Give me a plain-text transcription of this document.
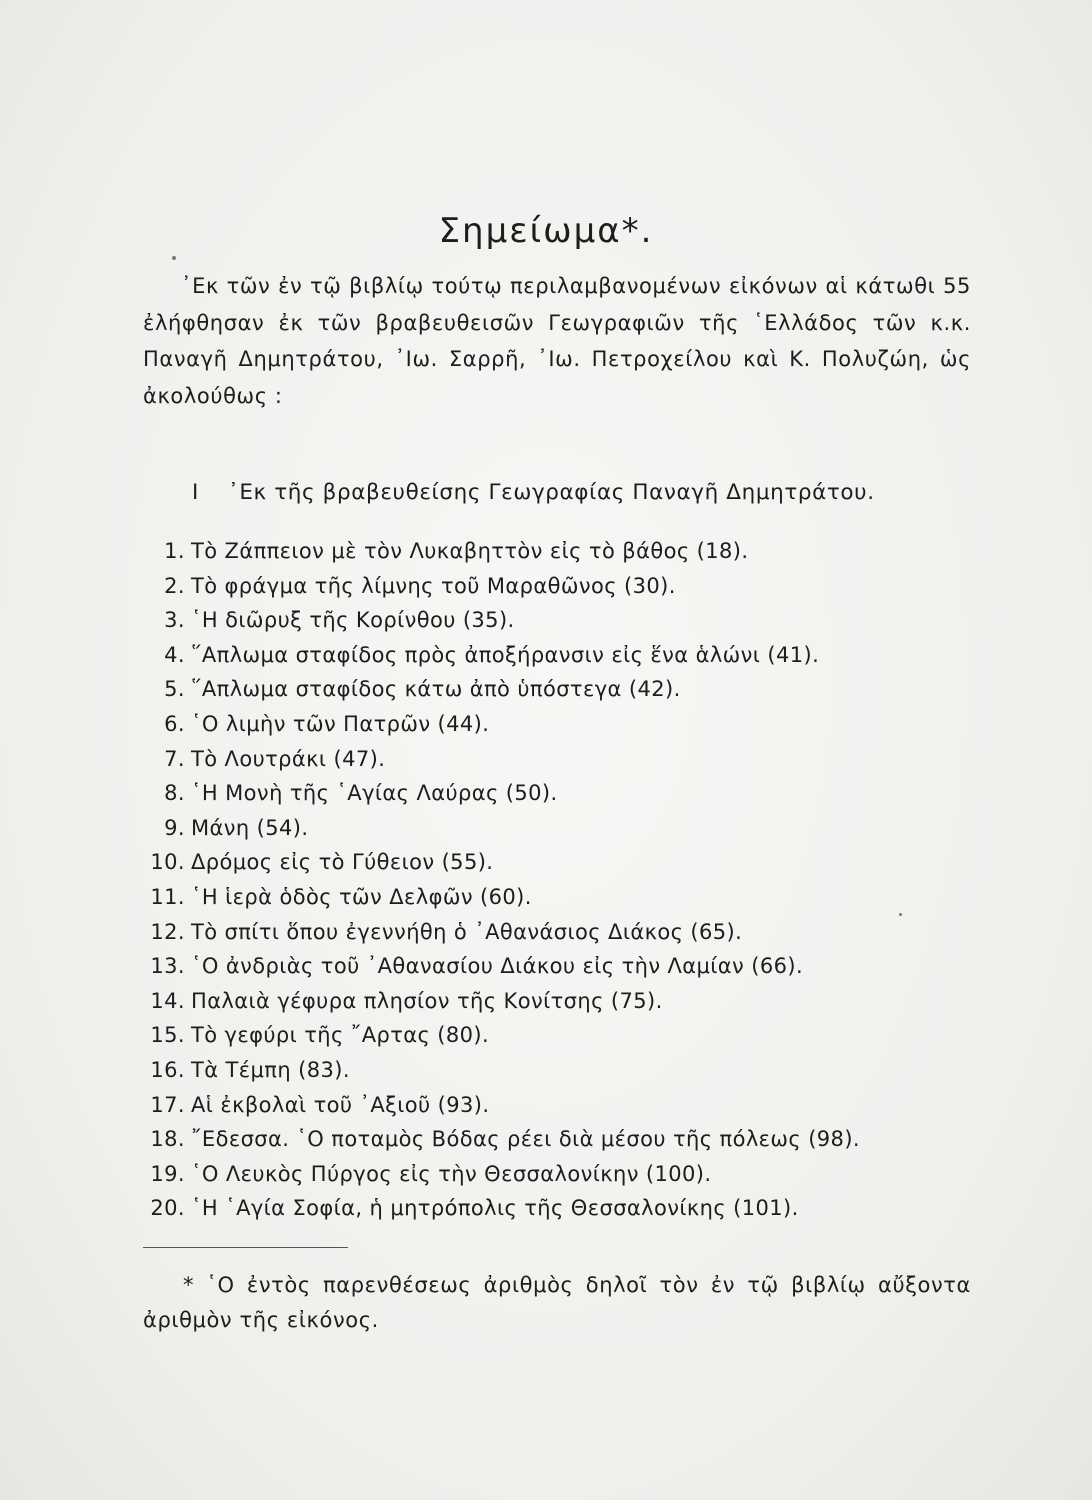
Σημείωμα*.

᾿Εκ τῶν ἐν τῷ βιβλίῳ τούτῳ περιλαμβανομένων εἰκόνων αἱ κάτωθι 55 ἐλήφθησαν ἐκ τῶν βραβευθεισῶν Γεωγραφιῶν τῆς ῾Ελλάδος τῶν κ.κ. Παναγῆ Δημητράτου, ᾿Ιω. Σαρρῆ, ᾿Ιω. Πετροχείλου καὶ Κ. Πολυζώη, ὡς ἀκολούθως :

I ᾿Εκ τῆς βραβευθείσης Γεωγραφίας Παναγῆ Δημητράτου.
1. Τὸ Ζάππειον μὲ τὸν Λυκαβηττὸν εἰς τὸ βάθος (18).
2. Τὸ φράγμα τῆς λίμνης τοῦ Μαραθῶνος (30).
3. ῾Η διῶρυξ τῆς Κορίνθου (35).
4. ῞Απλωμα σταφίδος πρὸς ἀποξήρανσιν εἰς ἕνα ἁλώνι (41).
5. ῞Απλωμα σταφίδος κάτω ἀπὸ ὑπόστεγα (42).
6. ῾Ο λιμὴν τῶν Πατρῶν (44).
7. Τὸ Λουτράκι (47).
8. ῾Η Μονὴ τῆς ῾Αγίας Λαύρας (50).
9. Μάνη (54).
10. Δρόμος εἰς τὸ Γύθειον (55).
11. ῾Η ἱερὰ ὁδὸς τῶν Δελφῶν (60).
12. Τὸ σπίτι ὅπου ἐγεννήθη ὁ ᾿Αθανάσιος Διάκος (65).
13. ῾Ο ἀνδριὰς τοῦ ᾿Αθανασίου Διάκου εἰς τὴν Λαμίαν (66).
14. Παλαιὰ γέφυρα πλησίον τῆς Κονίτσης (75).
15. Τὸ γεφύρι τῆς ῎Αρτας (80).
16. Τὰ Τέμπη (83).
17. Αἱ ἐκβολαὶ τοῦ ᾿Αξιοῦ (93).
18. ῎Εδεσσα. ῾Ο ποταμὸς Βόδας ρέει διὰ μέσου τῆς πόλεως (98).
19. ῾Ο Λευκὸς Πύργος εἰς τὴν Θεσσαλονίκην (100).
20. ῾Η ῾Αγία Σοφία, ἡ μητρόπολις τῆς Θεσσαλονίκης (101).

* ῾Ο ἐντὸς παρενθέσεως ἀριθμὸς δηλοῖ τὸν ἐν τῷ βιβλίῳ αὔξοντα ἀριθμὸν τῆς εἰκόνος.
